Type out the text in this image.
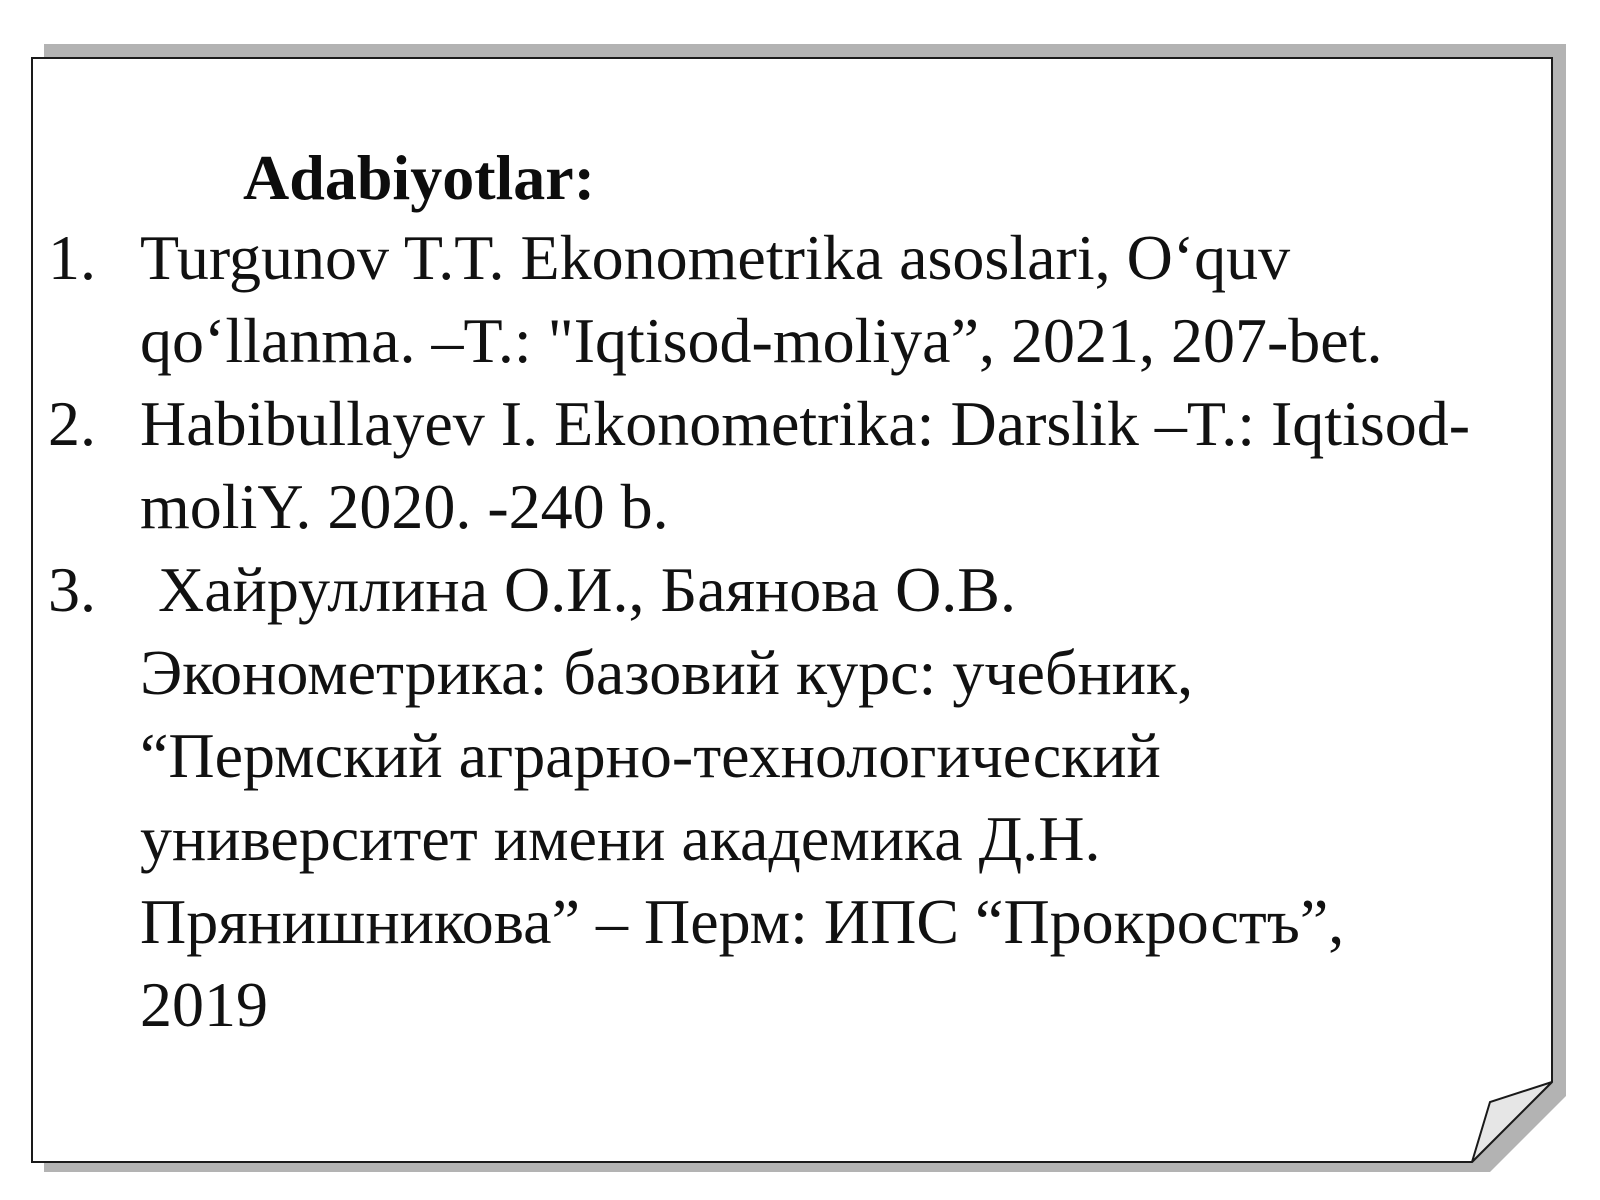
Adabiyotlar:
1. Turgunov T.T. Ekonometrika asoslari, O‘quv qo‘llanma. –T.: "Iqtisod-moliya”, 2021, 207-bet.
2. Habibullayev I. Ekonometrika: Darslik –T.: Iqtisod-moliY. 2020. -240 b.
3. Хайруллина О.И., Баянова О.В.
Эконометрика: базовий курс: учебник, “Пермский аграрно-технологический университет имени академика Д.Н. Прянишникова” – Перм: ИПС “Прокростъ”, 2019
